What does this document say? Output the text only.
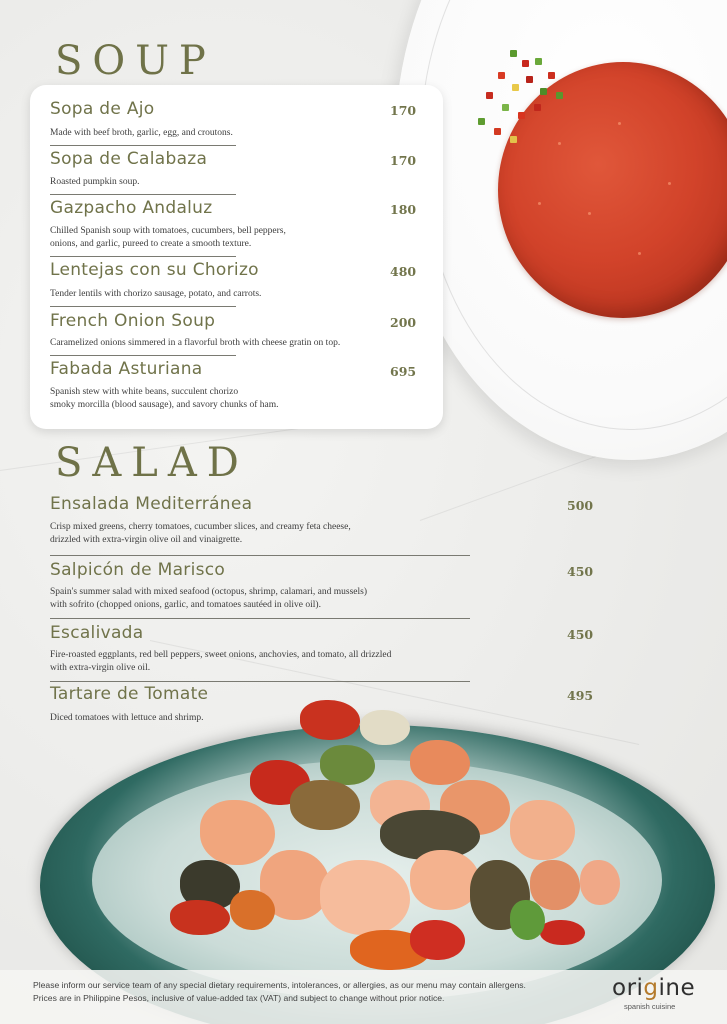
SOUP
Sopa de Ajo	170
Made with beef broth, garlic, egg, and croutons.
Sopa de Calabaza	170
Roasted pumpkin soup.
Gazpacho Andaluz	180
Chilled Spanish soup with tomatoes, cucumbers, bell peppers,
onions, and garlic, pureed to create a smooth texture.
Lentejas con su Chorizo	480
Tender lentils with chorizo sausage, potato, and carrots.
French Onion Soup	200
Caramelized onions simmered in a flavorful broth with cheese gratin on top.
Fabada Asturiana	695
Spanish stew with white beans, succulent chorizo
smoky morcilla (blood sausage), and savory chunks of ham.
SALAD
Ensalada Mediterránea	500
Crisp mixed greens, cherry tomatoes, cucumber slices, and creamy feta cheese,
drizzled with extra-virgin olive oil and vinaigrette.
Salpicón de Marisco	450
Spain's summer salad with mixed seafood (octopus, shrimp, calamari, and mussels)
with sofrito (chopped onions, garlic, and tomatoes sautéed in olive oil).
Escalivada	450
Fire-roasted eggplants, red bell peppers, sweet onions, anchovies, and tomato, all drizzled
with extra-virgin olive oil.
Tartare de Tomate	495
Diced tomatoes with lettuce and shrimp.
Please inform our service team of any special dietary requirements, intolerances, or allergies, as our menu may contain allergens.
Prices are in Philippine Pesos, inclusive of value-added tax (VAT) and subject to change without prior notice.	origine
spanish cuisine
